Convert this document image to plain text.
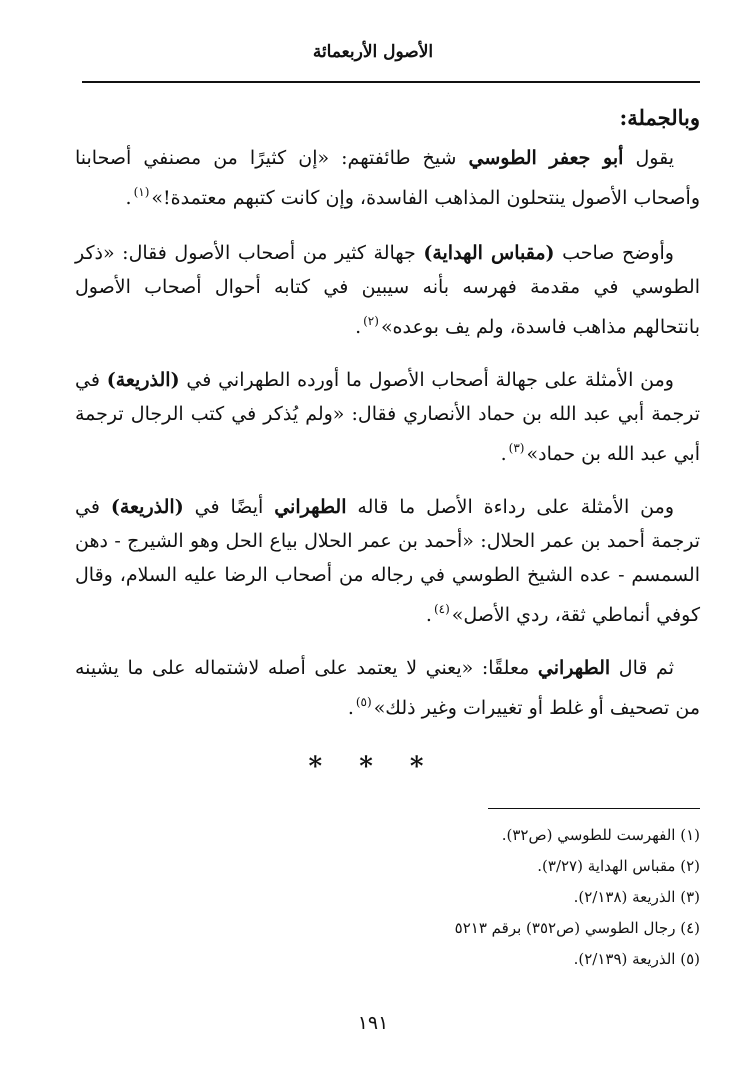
الأصول الأربعمائة
وبالجملة:

يقول أبو جعفر الطوسي شيخ طائفتهم: «إن كثيرًا من مصنفي أصحابنا وأصحاب الأصول ينتحلون المذاهب الفاسدة، وإن كانت كتبهم معتمدة!»$^{(١)}$.

وأوضح صاحب (مقباس الهداية) جهالة كثير من أصحاب الأصول فقال: «ذكر الطوسي في مقدمة فهرسه بأنه سيبين في كتابه أحوال أصحاب الأصول بانتحالهم مذاهب فاسدة، ولم يف بوعده»$^{(٢)}$.

ومن الأمثلة على جهالة أصحاب الأصول ما أورده الطهراني في (الذريعة) في ترجمة أبي عبد الله بن حماد الأنصاري فقال: «ولم يُذكر في كتب الرجال ترجمة أبي عبد الله بن حماد»$^{(٣)}$.

ومن الأمثلة على رداءة الأصل ما قاله الطهراني أيضًا في (الذريعة) في ترجمة أحمد بن عمر الحلال: «أحمد بن عمر الحلال بياع الحل وهو الشيرج - دهن السمسم - عده الشيخ الطوسي في رجاله من أصحاب الرضا عليه السلام، وقال كوفي أنماطي ثقة، ردي الأصل»$^{(٤)}$.

ثم قال الطهراني معلقًا: «يعني لا يعتمد على أصله لاشتماله على ما يشينه من تصحيف أو غلط أو تغييرات وغير ذلك»$^{(٥)}$.

* * *
(١) الفهرست للطوسي (ص٣٢).
(٢) مقباس الهداية (٣/٢٧).
(٣) الذريعة (٢/١٣٨).
(٤) رجال الطوسي (ص٣٥٢) برقم ٥٢١٣
(٥) الذريعة (٢/١٣٩).
١٩١
